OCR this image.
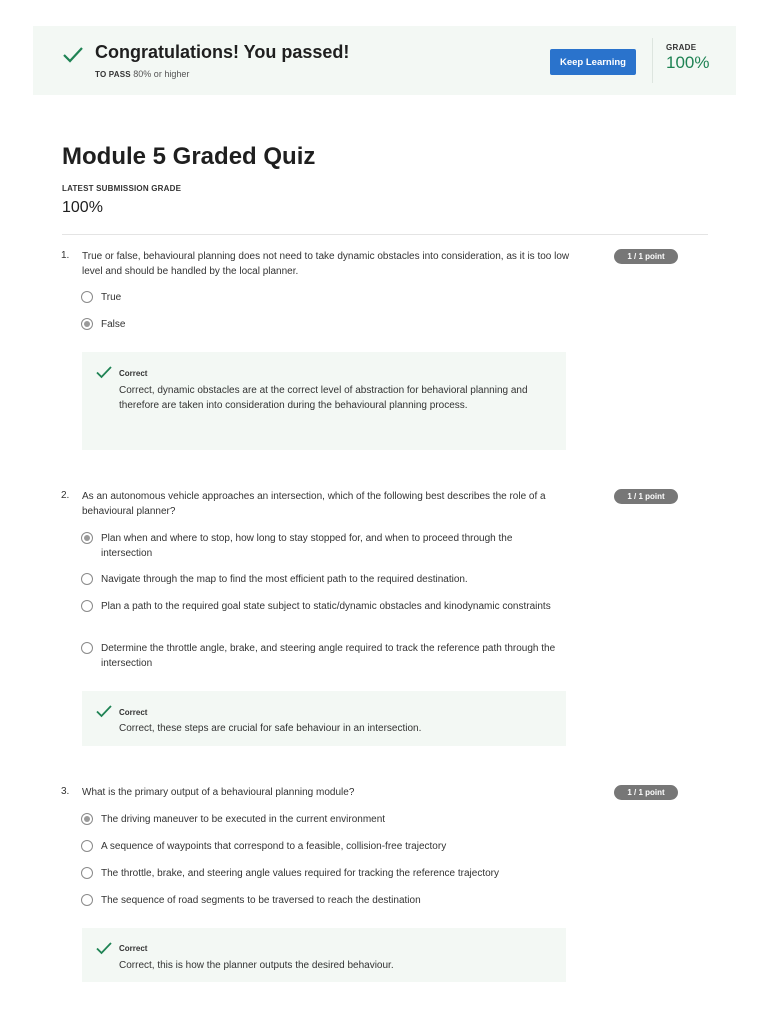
Congratulations! You passed!
TO PASS 80% or higher
Keep Learning
GRADE
100%
Module 5 Graded Quiz
LATEST SUBMISSION GRADE
100%
1. True or false, behavioural planning does not need to take dynamic obstacles into consideration, as it is too low level and should be handled by the local planner.
1 / 1 point
True
False
Correct
Correct, dynamic obstacles are at the correct level of abstraction for behavioral planning and therefore are taken into consideration during the behavioural planning process.
2. As an autonomous vehicle approaches an intersection, which of the following best describes the role of a behavioural planner?
1 / 1 point
Plan when and where to stop, how long to stay stopped for, and when to proceed through the intersection
Navigate through the map to find the most efficient path to the required destination.
Plan a path to the required goal state subject to static/dynamic obstacles and kinodynamic constraints
Determine the throttle angle, brake, and steering angle required to track the reference path through the intersection
Correct
Correct, these steps are crucial for safe behaviour in an intersection.
3. What is the primary output of a behavioural planning module?	1 / 1 point
The driving maneuver to be executed in the current environment
A sequence of waypoints that correspond to a feasible, collision-free trajectory
The throttle, brake, and steering angle values required for tracking the reference trajectory
The sequence of road segments to be traversed to reach the destination
Correct
Correct, this is how the planner outputs the desired behaviour.
